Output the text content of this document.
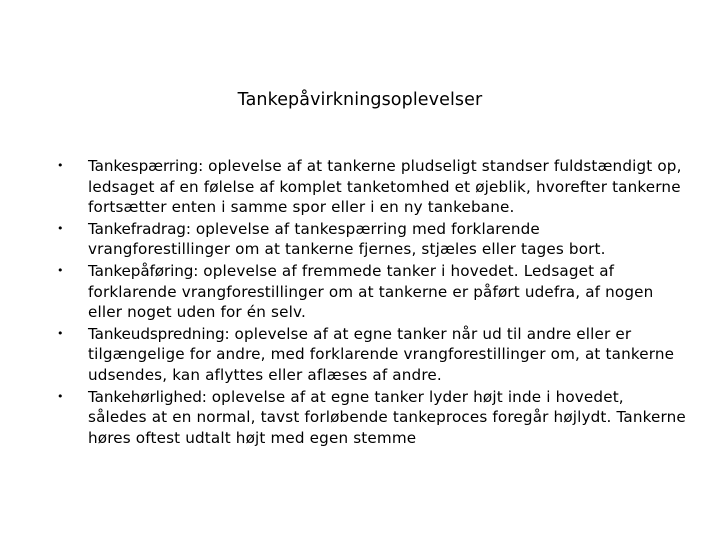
Tankepåvirkningsoplevelser
• Tankespærring: oplevelse af at tankerne pludseligt standser fuldstændigt op, ledsaget af en følelse af komplet tanketomhed et øjeblik, hvorefter tankerne fortsætter enten i samme spor eller i en ny tankebane.
• Tankefradrag: oplevelse af tankespærring med forklarende vrangforestillinger om at tankerne fjernes, stjæles eller tages bort.
• Tankepåføring: oplevelse af fremmede tanker i hovedet. Ledsaget af forklarende vrangforestillinger om at tankerne er påført udefra, af nogen eller noget uden for én selv.
• Tankeudspredning: oplevelse af at egne tanker når ud til andre eller er tilgængelige for andre, med forklarende vrangforestillinger om, at tankerne udsendes, kan aflyttes eller aflæses af andre.
• Tankehørlighed: oplevelse af at egne tanker lyder højt inde i hovedet, således at en normal, tavst forløbende tankeproces foregår højlydt. Tankerne høres oftest udtalt højt med egen stemme
